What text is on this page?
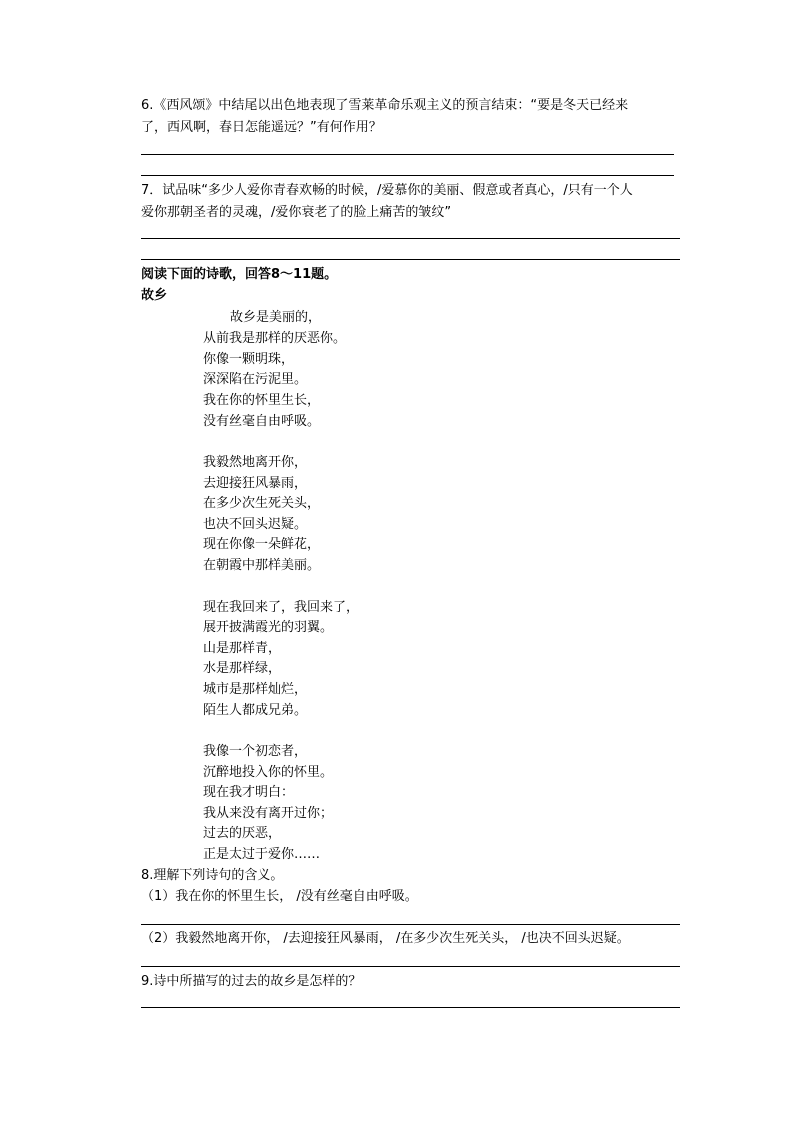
6.《西风颂》中结尾以出色地表现了雪莱革命乐观主义的预言结束：“要是冬天已经来
了，西风啊，春日怎能遥远？”有何作用？
7．试品味“多少人爱你青春欢畅的时候，/爱慕你的美丽、假意或者真心，/只有一个人
爱你那朝圣者的灵魂，/爱你衰老了的脸上痛苦的皱纹”
阅读下面的诗歌，回答8～11题。
故乡
故乡是美丽的，
从前我是那样的厌恶你。
你像一颗明珠，
深深陷在污泥里。
我在你的怀里生长，
没有丝毫自由呼吸。
我毅然地离开你，
去迎接狂风暴雨，
在多少次生死关头，
也决不回头迟疑。
现在你像一朵鲜花，
在朝霞中那样美丽。
现在我回来了，我回来了，
展开披满霞光的羽翼。
山是那样青，
水是那样绿，
城市是那样灿烂，
陌生人都成兄弟。
我像一个初恋者，
沉醉地投入你的怀里。
现在我才明白：
我从来没有离开过你；
过去的厌恶，
正是太过于爱你……
8.理解下列诗句的含义。
（1）我在你的怀里生长， /没有丝毫自由呼吸。
（2）我毅然地离开你， /去迎接狂风暴雨， /在多少次生死关头， /也决不回头迟疑。
9.诗中所描写的过去的故乡是怎样的？
